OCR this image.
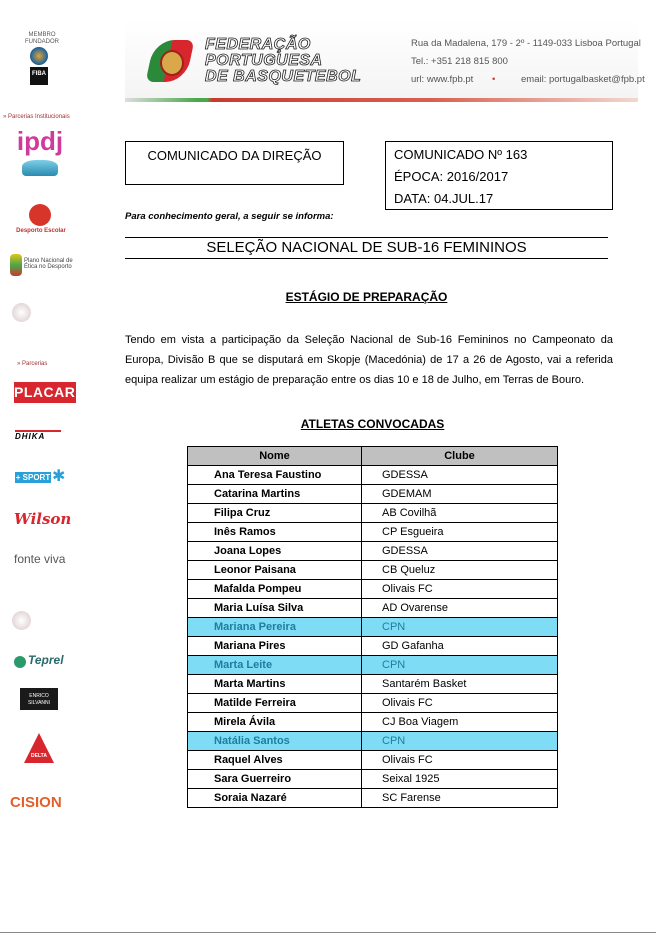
MEMBRO FUNDADOR
FIBA
» Parcerias Institucionais
ipdj
Desporto Escolar
Plano Nacional de Ética no Desporto
» Parcerias
PLACARD
DHIKA
+ SPORT ✱
Wilson
fonte viva
Teprel
ENRICO SILVANNI
DELTA
CISION
FEDERAÇÃO
PORTUGUESA
DE BASQUETEBOL
Rua da Madalena, 179 - 2º - 1149-033 Lisboa Portugal
Tel.: +351 218 815 800
url: www.fpb.pt •	email: portugalbasket@fpb.pt
COMUNICADO DA DIREÇÃO	COMUNICADO Nº 163
ÉPOCA: 2016/2017
DATA: 04.JUL.17
Para conhecimento geral, a seguir se informa:
SELEÇÃO NACIONAL DE SUB-16 FEMININOS
ESTÁGIO DE PREPARAÇÃO
Tendo em vista a participação da Seleção Nacional de Sub-16 Femininos no Campeonato da Europa, Divisão B que se disputará em Skopje (Macedónia) de 17 a 26 de Agosto, vai a referida equipa realizar um estágio de preparação entre os dias 10 e 18 de Julho, em Terras de Bouro.
ATLETAS CONVOCADAS
Nome	Clube
Ana Teresa Faustino	GDESSA
Catarina Martins	GDEMAM
Filipa Cruz	AB Covilhã
Inês Ramos	CP Esgueira
Joana Lopes	GDESSA
Leonor Paisana	CB Queluz
Mafalda Pompeu	Olivais FC
Maria Luísa Silva	AD Ovarense
Mariana Pereira	CPN
Mariana Pires	GD Gafanha
Marta Leite	CPN
Marta Martins	Santarém Basket
Matilde Ferreira	Olivais FC
Mirela Ávila	CJ Boa Viagem
Natália Santos	CPN
Raquel Alves	Olivais FC
Sara Guerreiro	Seixal 1925
Soraia Nazaré	SC Farense
